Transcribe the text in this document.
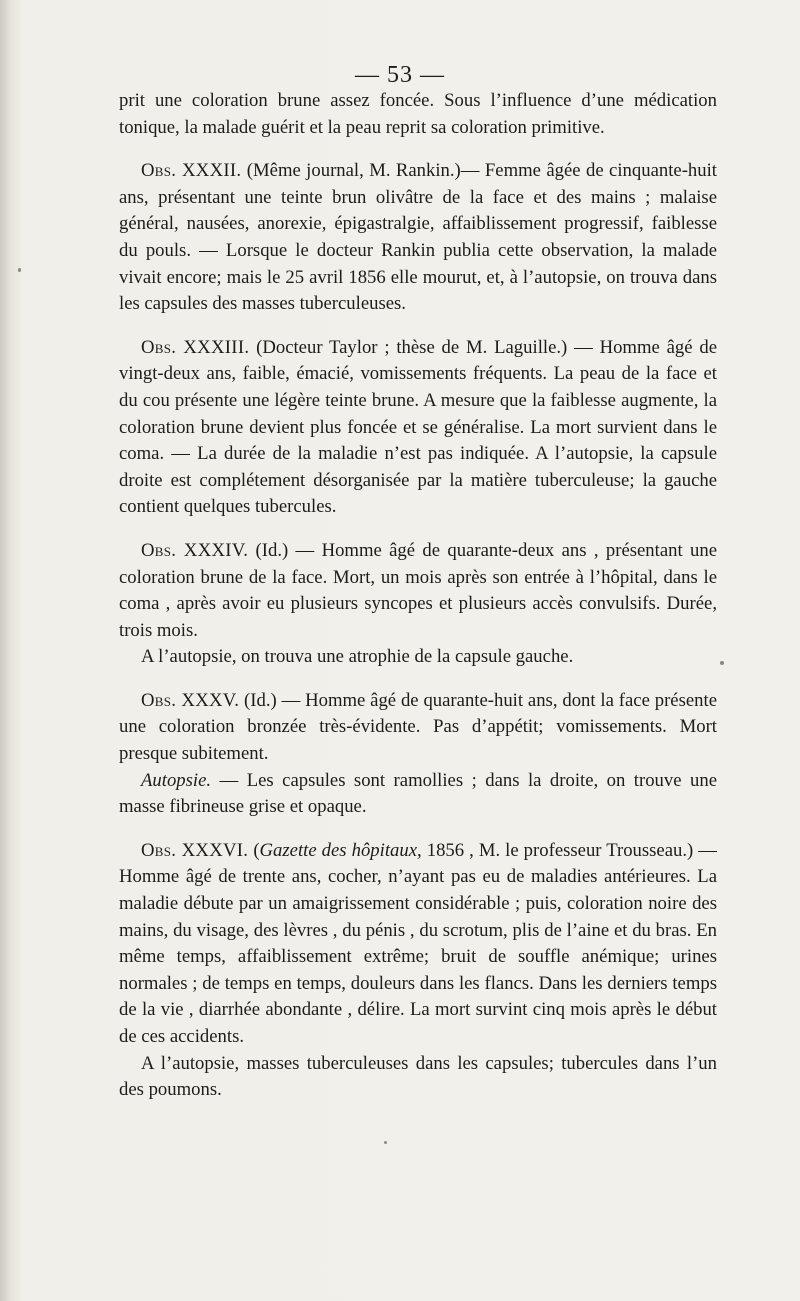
— 53 —

prit une coloration brune assez foncée. Sous l’influence d’une médication tonique, la malade guérit et la peau reprit sa coloration primitive.

Obs. XXXII. (Même journal, M. Rankin.)— Femme âgée de cinquante-huit ans, présentant une teinte brun olivâtre de la face et des mains ; malaise général, nausées, anorexie, épigastralgie, affaiblissement progressif, faiblesse du pouls. — Lorsque le docteur Rankin publia cette observation, la malade vivait encore; mais le 25 avril 1856 elle mourut, et, à l’autopsie, on trouva dans les capsules des masses tuberculeuses.

Obs. XXXIII. (Docteur Taylor ; thèse de M. Laguille.) — Homme âgé de vingt-deux ans, faible, émacié, vomissements fréquents. La peau de la face et du cou présente une légère teinte brune. A mesure que la faiblesse augmente, la coloration brune devient plus foncée et se généralise. La mort survient dans le coma. — La durée de la maladie n’est pas indiquée. A l’autopsie, la capsule droite est complétement désorganisée par la matière tuberculeuse; la gauche contient quelques tubercules.

Obs. XXXIV. (Id.) — Homme âgé de quarante-deux ans , présentant une coloration brune de la face. Mort, un mois après son entrée à l’hôpital, dans le coma , après avoir eu plusieurs syncopes et plusieurs accès convulsifs. Durée, trois mois.

A l’autopsie, on trouva une atrophie de la capsule gauche.

Obs. XXXV. (Id.) — Homme âgé de quarante-huit ans, dont la face présente une coloration bronzée très-évidente. Pas d’appétit; vomissements. Mort presque subitement.

Autopsie. — Les capsules sont ramollies ; dans la droite, on trouve une masse fibrineuse grise et opaque.

Obs. XXXVI. (Gazette des hôpitaux, 1856 , M. le professeur Trousseau.) — Homme âgé de trente ans, cocher, n’ayant pas eu de maladies antérieures. La maladie débute par un amaigrissement considérable ; puis, coloration noire des mains, du visage, des lèvres , du pénis , du scrotum, plis de l’aine et du bras. En même temps, affaiblissement extrême; bruit de souffle anémique; urines normales ; de temps en temps, douleurs dans les flancs. Dans les derniers temps de la vie , diarrhée abondante , délire. La mort survint cinq mois après le début de ces accidents.

A l’autopsie, masses tuberculeuses dans les capsules; tubercules dans l’un des poumons.
